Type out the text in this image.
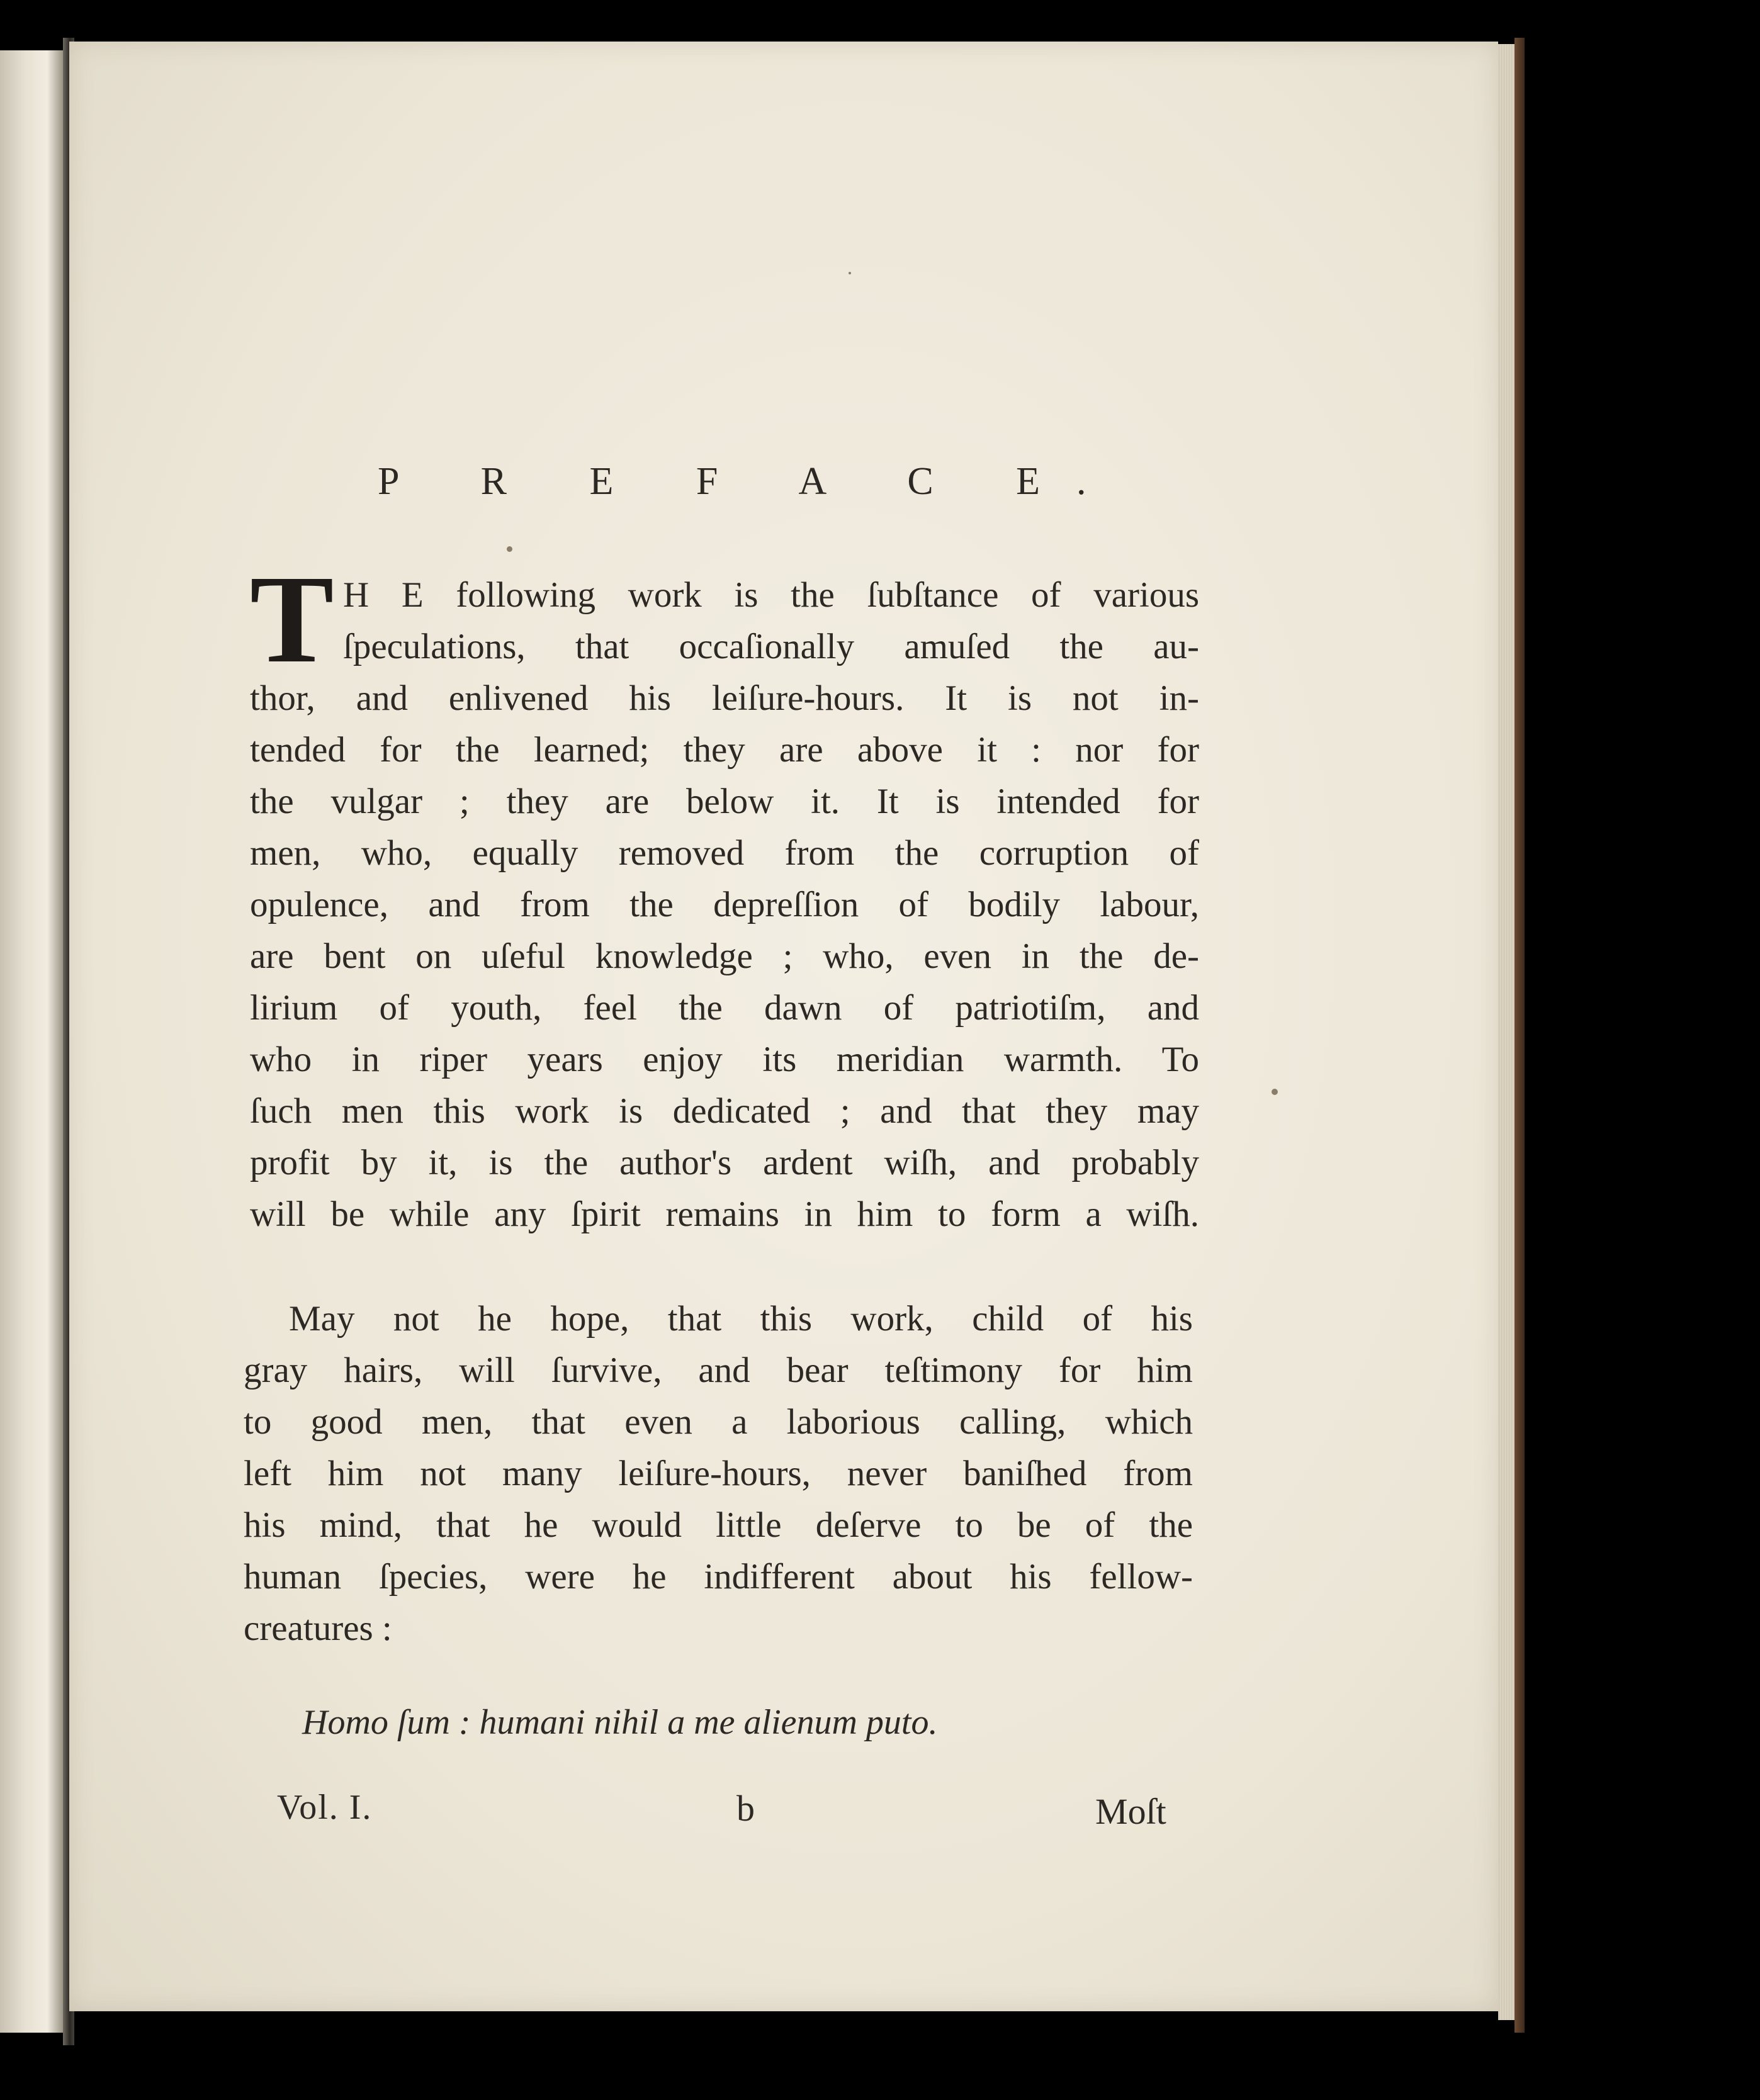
P R E F A C E.
T H E following work is the ſubſtance of various
ſpeculations, that occaſionally amuſed the au-
thor, and enlivened his leiſure-hours. It is not in-
tended for the learned; they are above it : nor for
the vulgar ; they are below it. It is intended for
men, who, equally removed from the corruption of
opulence, and from the depreſſion of bodily labour,
are bent on uſeful knowledge ; who, even in the de-
lirium of youth, feel the dawn of patriotiſm, and
who in riper years enjoy its meridian warmth. To
ſuch men this work is dedicated ; and that they may
profit by it, is the author's ardent wiſh, and probably
will be while any ſpirit remains in him to form a wiſh.
May not he hope, that this work, child of his
gray hairs, will ſurvive, and bear teſtimony for him
to good men, that even a laborious calling, which
left him not many leiſure-hours, never baniſhed from
his mind, that he would little deſerve to be of the
human ſpecies, were he indifferent about his fellow-
creatures :
Homo ſum : humani nihil a me alienum puto.
Vol. I.	b	Moſt
